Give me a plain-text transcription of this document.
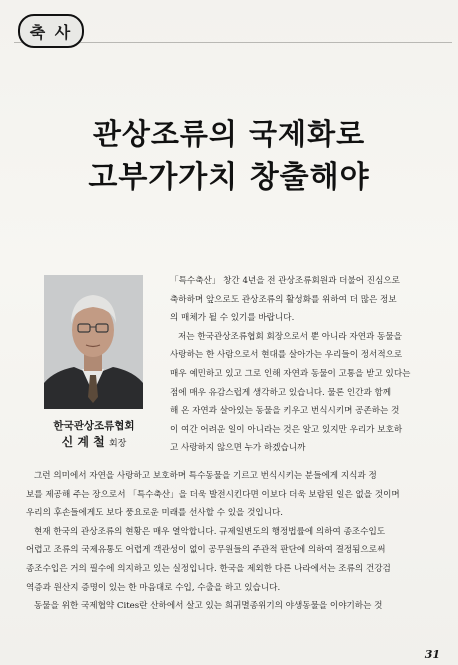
축 사
관상조류의 국제화로
고부가가치 창출해야
한국관상조류협회
신 계 철 회장
「특수축산」 창간 4년을 전 관상조류회원과 더불어 진심으로
축하하며 앞으로도 관상조류의 활성화를 위하여 더 많은 정보
의 매체가 될 수 있기를 바랍니다.
저는 한국관상조류협회 회장으로서 뿐 아니라 자연과 동물을
사랑하는 한 사람으로서 현대를 살아가는 우리들이 정서적으로
매우 예민하고 있고 그로 인해 자연과 동물이 고통을 받고 있다는
점에 매우 유감스럽게 생각하고 있습니다. 물론 인간과 함께
해 온 자연과 살아있는 동물을 키우고 번식시키며 공존하는 것
이 여간 어려운 일이 아니라는 것은 알고 있지만 우리가 보호하
고 사랑하지 않으면 누가 하겠습니까
그런 의미에서 자연을 사랑하고 보호하며 특수동물을 기르고 번식시키는 분들에게 지식과 정
보를 제공해 주는 장으로서 「특수축산」을 더욱 발전시킨다면 이보다 더욱 보람된 일은 없을 것이며
우리의 후손들에게도 보다 풍요로운 미래를 선사할 수 있을 것입니다.
현재 한국의 관상조류의 현황은 매우 열악합니다. 규제일변도의 행정법률에 의하여 종조수입도
어렵고 조류의 국제유통도 어렵게 객관성이 없이 공무원들의 주관적 판단에 의하여 결정됨으로써
종조수입은 거의 필수에 의지하고 있는 실정입니다. 한국을 제외한 다른 나라에서는 조류의 건강검
역증과 원산지 증명이 있는 한 마음대로 수입, 수출을 하고 있습니다.
동물을 위한 국제협약 Cites란 산하에서 살고 있는 희귀멸종위기의 야생동물을 이야기하는 것
31
